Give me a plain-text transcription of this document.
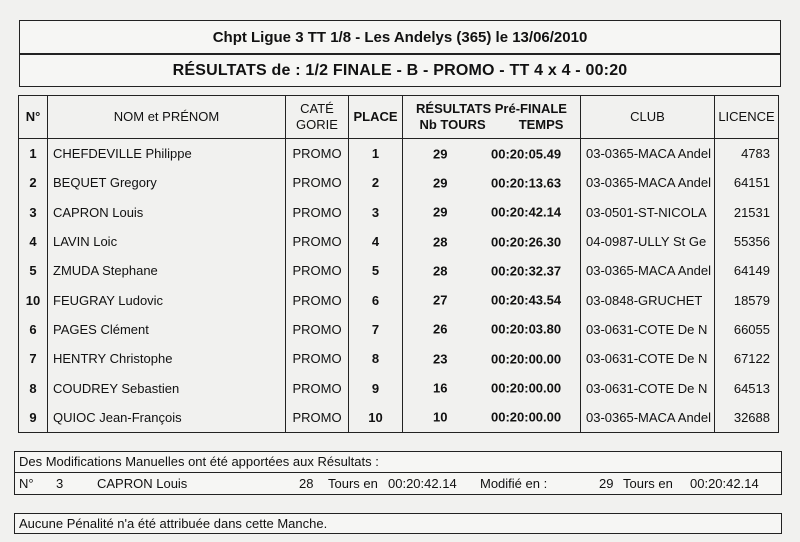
Chpt Ligue 3 TT 1/8 - Les Andelys (365) le 13/06/2010
RÉSULTATS de : 1/2 FINALE - B - PROMO - TT 4 x 4 - 00:20
N°	NOM et PRÉNOM	CATÉ
GORIE	PLACE	RÉSULTATS Pré-FINALE
Nb TOURS TEMPS	CLUB	LICENCE
1	CHEFDEVILLE Philippe	PROMO	1	29 00:20:05.49	03-0365-MACA Andel	4783
2	BEQUET Gregory	PROMO	2	29 00:20:13.63	03-0365-MACA Andel	64151
3	CAPRON Louis	PROMO	3	29 00:20:42.14	03-0501-ST-NICOLA	21531
4	LAVIN Loic	PROMO	4	28 00:20:26.30	04-0987-ULLY St Ge	55356
5	ZMUDA Stephane	PROMO	5	28 00:20:32.37	03-0365-MACA Andel	64149
10	FEUGRAY Ludovic	PROMO	6	27 00:20:43.54	03-0848-GRUCHET	18579
6	PAGES Clément	PROMO	7	26 00:20:03.80	03-0631-COTE De N	66055
7	HENTRY Christophe	PROMO	8	23 00:20:00.00	03-0631-COTE De N	67122
8	COUDREY Sebastien	PROMO	9	16 00:20:00.00	03-0631-COTE De N	64513
9	QUIOC Jean-François	PROMO	10	10 00:20:00.00	03-0365-MACA Andel	32688
Des Modifications Manuelles ont été apportées aux Résultats :
N° 3	CAPRON Louis	28 Tours en 00:20:42.14 Modifié en :	29 Tours en 00:20:42.14
Aucune Pénalité n'a été attribuée dans cette Manche.
